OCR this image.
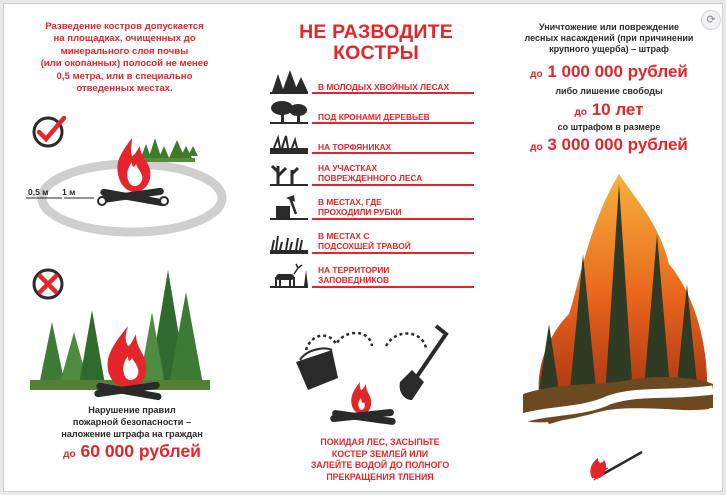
Разведение костров допускается
на площадках, очищенных до
минерального слоя почвы
(или окопанных) полосой не менее
0,5 метра, или в специально
отведенных местах.
0,5 м 1 м
Нарушение правил
пожарной безопасности –
наложение штрафа на граждан
до 60 000 рублей
НЕ РАЗВОДИТЕ
КОСТРЫ
В МОЛОДЫХ ХВОЙНЫХ ЛЕСАХ
ПОД КРОНАМИ ДЕРЕВЬЕВ
НА ТОРФЯНИКАХ
НА УЧАСТКАХ
ПОВРЕЖДЕННОГО ЛЕСА
В МЕСТАХ, ГДЕ
ПРОХОДИЛИ РУБКИ
В МЕСТАХ С
ПОДСОХШЕЙ ТРАВОЙ
НА ТЕРРИТОРИИ
ЗАПОВЕДНИКОВ
ПОКИДАЯ ЛЕС, ЗАСЫПЬТЕ
КОСТЕР ЗЕМЛЕЙ ИЛИ
ЗАЛЕЙТЕ ВОДОЙ ДО ПОЛНОГО
ПРЕКРАЩЕНИЯ ТЛЕНИЯ
Уничтожение или повреждение
лесных насаждений (при причинении
крупного ущерба) – штраф
до 1 000 000 рублей
либо лишение свободы
до 10 лет
со штрафом в размере
до 3 000 000 рублей
⟳
